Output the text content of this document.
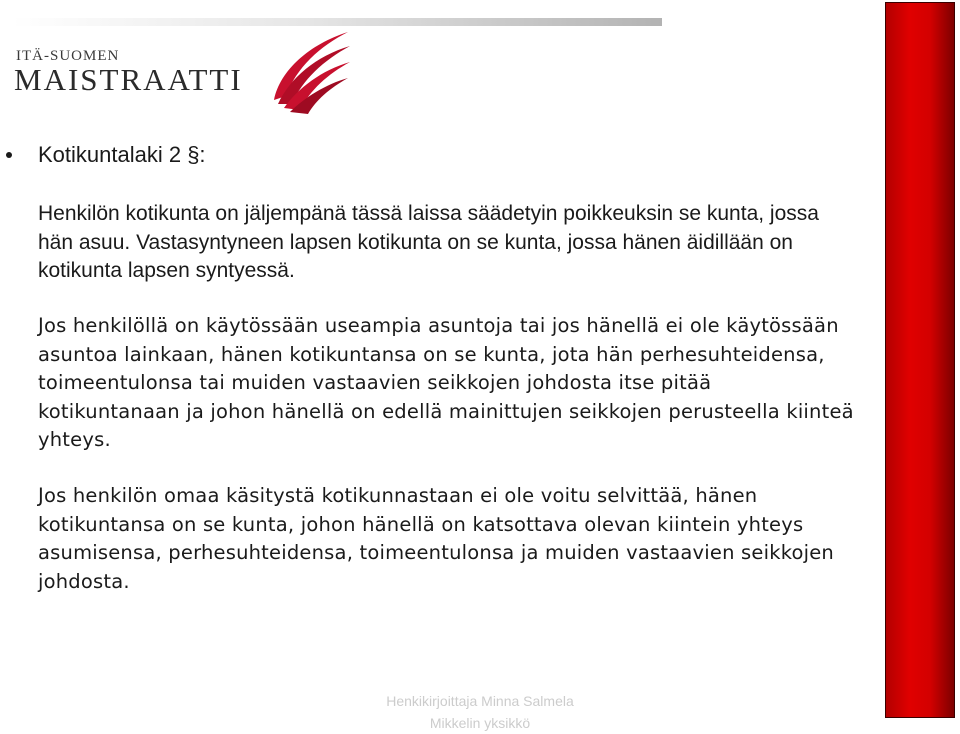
ITÄ-SUOMEN
MAISTRAATTI
Kotikuntalaki 2 §:
Henkilön kotikunta on jäljempänä tässä laissa säädetyin poikkeuksin se kunta, jossa hän asuu. Vastasyntyneen lapsen kotikunta on se kunta, jossa hänen äidillään on kotikunta lapsen syntyessä.
Jos henkilöllä on käytössään useampia asuntoja tai jos hänellä ei ole käytössään asuntoa lainkaan, hänen kotikuntansa on se kunta, jota hän perhesuhteidensa, toimeentulonsa tai muiden vastaavien seikkojen johdosta itse pitää kotikuntanaan ja johon hänellä on edellä mainittujen seikkojen perusteella kiinteä yhteys.
Jos henkilön omaa käsitystä kotikunnastaan ei ole voitu selvittää, hänen kotikuntansa on se kunta, johon hänellä on katsottava olevan kiintein yhteys asumisensa, perhesuhteidensa, toimeentulonsa ja muiden vastaavien seikkojen johdosta.
Henkikirjoittaja Minna Salmela
Mikkelin yksikkö
